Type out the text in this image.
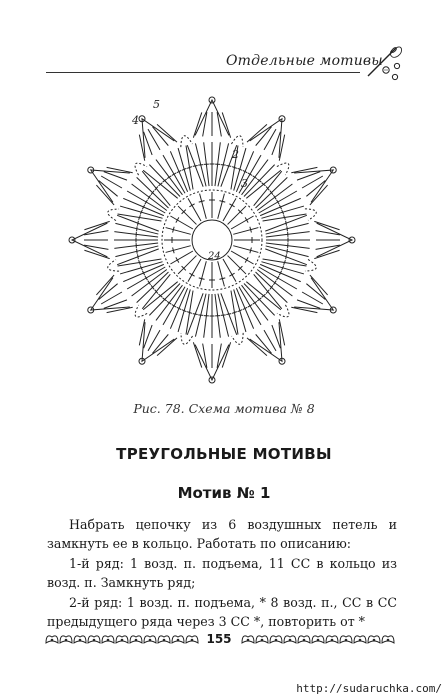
Отдельные мотивы
5
4
3
2
24
Рис. 78. Схема мотива № 8
ТРЕУГОЛЬНЫЕ МОТИВЫ
Мотив № 1

Набрать цепочку из 6 воздушных петель и замкнуть ее в кольцо. Работать по описанию:

1-й ряд: 1 возд. п. подъема, 11 СС в кольцо из возд. п. Замкнуть ряд;

2-й ряд: 1 возд. п. подъема, * 8 возд. п., СС в СС предыдущего ряда через 3 СС *, повторить от *

155
http://sudaruchka.com/
